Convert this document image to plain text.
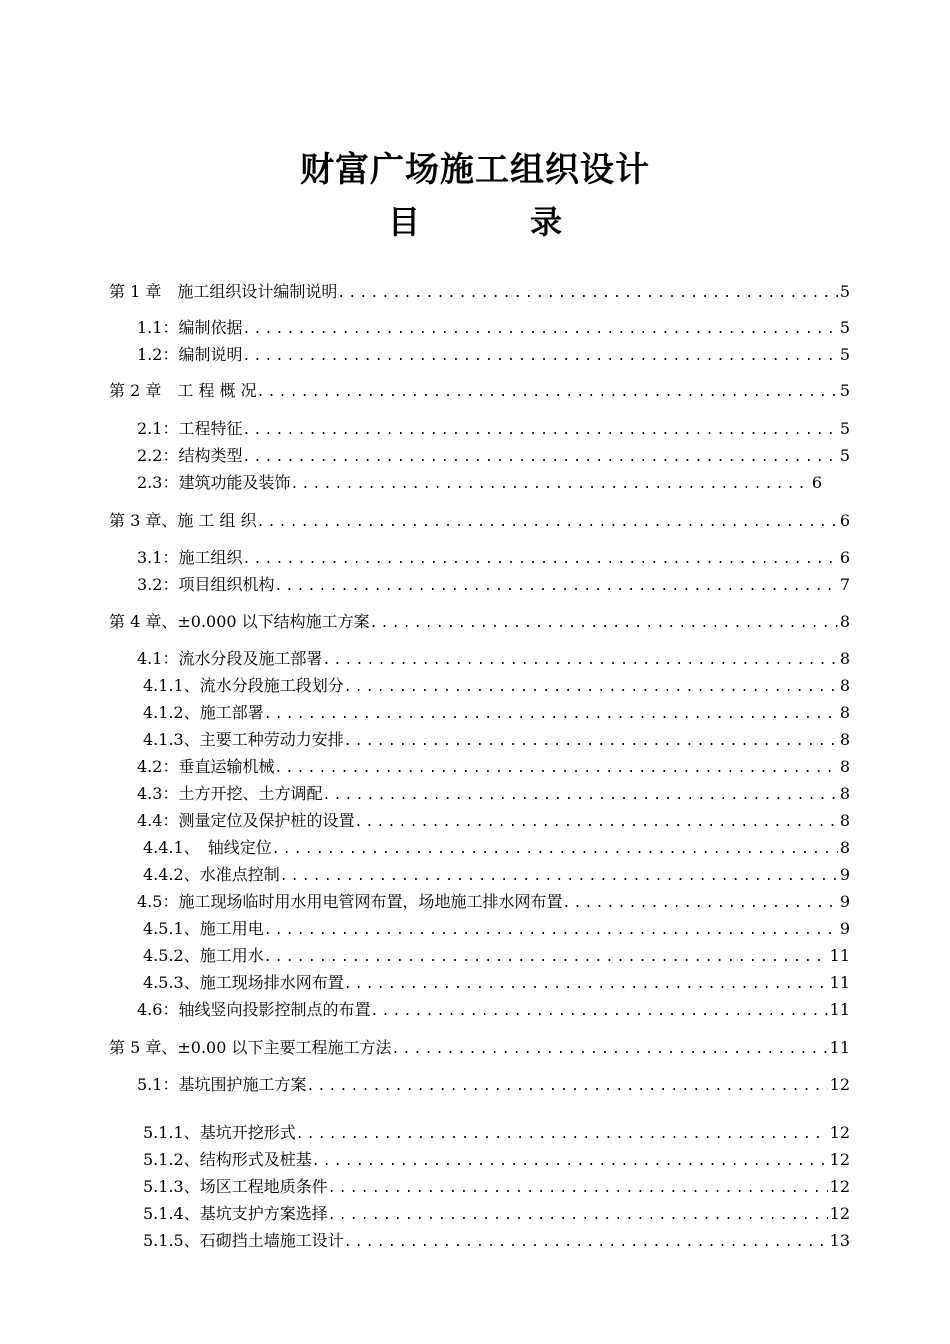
财富广场施工组织设计
目	录
第 1 章　施工组织设计编制说明 .....	5
1.1：编制依据 .....	5
1.2：编制说明 .....	5
第 2 章　工 程 概 况 .....	5
2.1：工程特征 .....	5
2.2：结构类型 .....	5
2.3：建筑功能及装饰 .....	6
第 3 章、施 工 组 织 .....	6
3.1：施工组织 .....	6
3.2：项目组织机构 .....	7
第 4 章、±0.000 以下结构施工方案 .....	8
4.1：流水分段及施工部署 .....	8
4.1.1、流水分段施工段划分 .....	8
4.1.2、施工部署 .....	8
4.1.3、主要工种劳动力安排 .....	8
4.2：垂直运输机械 .....	8
4.3：土方开挖、土方调配 .....	8
4.4：测量定位及保护桩的设置 .....	8
4.4.1、　轴线定位 .....	8
4.4.2、水准点控制 .....	9
4.5：施工现场临时用水用电管网布置，场地施工排水网布置 .....	9
4.5.1、施工用电 .....	9
4.5.2、施工用水 .....	11
4.5.3、施工现场排水网布置 .....	11
4.6：轴线竖向投影控制点的布置 .....	11
第 5 章、±0.00 以下主要工程施工方法 .....	11
5.1：基坑围护施工方案 .....	12
5.1.1、基坑开挖形式 .....	12
5.1.2、结构形式及桩基 .....	12
5.1.3、场区工程地质条件 .....	12
5.1.4、基坑支护方案选择 .....	12
5.1.5、石砌挡土墙施工设计 .....	13
